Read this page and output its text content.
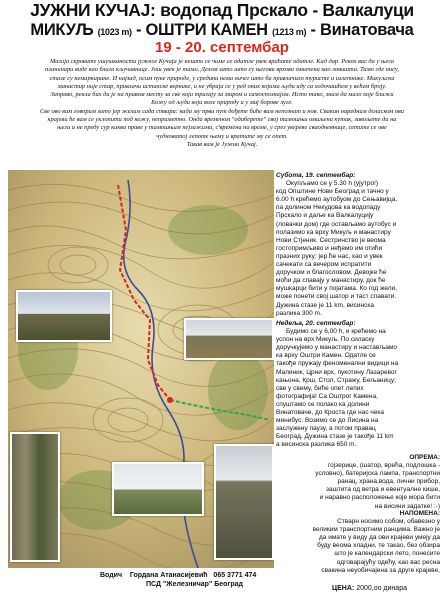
ЈУЖНИ КУЧАЈ: водопад Прскало - Валкалуци
МИКУЉ (1023 m) - ОШТРИ КАМЕН (1213 m) - Винатовача
19 - 20. септембар

Магија скровите ушушканости јужног Кучаја је нешто се чиме се одатле увек враћате одатле. Кад дар. Рекох вас да у њега

планинари виде као блага кључавнице. Још увек је тамо. Делом зато што су његови врхови означени као ловишта. Тамо где нису,

стазе су немаркиране. И најзад, осим пуке природе, у средини нема ничег што би привлачило туристе и излетнике. Микуљски

манастир није стар, привлачи истинске вернике, и не убраја се у ред оних којима људи иду са ходочашћем у већем броју.

Заправо, рекла бих да је на правом месту за све који трагају за миром и самоспознајом. Исто тако, знам да мало које ближи

Божу од људи који воле природу и у мај борове луге.

Све ово вам говорим зато јер желим сада ствари: када му прва пут дођете биће вам непознат и нов. Свакин наредним доласком ови

крајеви ће вам се уклопити под кожу, неприметно. Онда временом "одаберете" свој тамошњи омиљени кутак, завољете да на

њега и не преду сур каква праве у тамошњим пејзажима, с'времена на време, у срез увереве сваодневнице, сетите се ове

чудноватој лепоте њему и вратите му се опет.

Такав вам је Јужни Кучај.

Субота, 19. септембар:

Окупљамо се у 5.30 h (ујутро!)

код Општине Нови Београд и тачно у

6.00 h крећемо аутобуом до Сењавијца,

па долином Некудова ка водопаду

Прскало и даље ка Валкалуцију

(ловачки дом) где остављамо аутобус и

полазимо ка врху Микуљ и манастиру

Нови Стјеник. Сестринство је веома

гостопримљиво и неђемо им отићи

празних руку; јер ће нас, као и увек

сачекати са вечером испратити

доручком и благословом. Девојке ће

моћи да спавају у манастиру, док ће

мушкарци бити у појатама. Ко год жели,

може понети свој шатор и таст спавати.

Дужина стазе је 11 km, висинска

разлика 300 m.

Недеља, 20. септембар:

Будимо се у 6,00 h, и крећемо на

успон на врх Микуљ. По силаску

доручкујемо у манастиру и настављамо

ка врху Оштри Камен. Одатле се

такође пружају феноменални видици на

Малиник, Црни врх, пукотину Лазаревог

кањона, Крш, Стол, Стражу, Бељаницу;

све у свему, биће опет лепих

фотографија! Са Оштрог Камена,

спуштамо се полако ка долини

Винатоваче, до Кроста где нас чека

минибус. Возимо се до Лисина на

заслужену паузу, а потом правац

Београд. Дужина стазе је такође 11 km

а висинска разлика 650 m.

ОПРЕМА:

гојзерице, (шатор, врећа, подлошка -

условно), батеријска лампа, транспортни

ранац, храна,вода, лични прибор,

заштита од ветра и евентуалне кише,

и наравно расположење које мора бити

на висини задатке! :-)

НАПОМЕНА:

Стварн носимо собом, обавезно у

великим транспортним ранцима. Важно је

да имате у виду да ови крајеви умеју да

буду веома хладни, те такао, без обзира

што је календарски лето, понесите

одговарајућу одећу, као вас ресна

свакина неуобичајена за друге крајеве,

Водич Гордана Атанасијевић 065 3771 474
ПСД "Железничар" Београд
ЦЕНА: 2000,оо динара
